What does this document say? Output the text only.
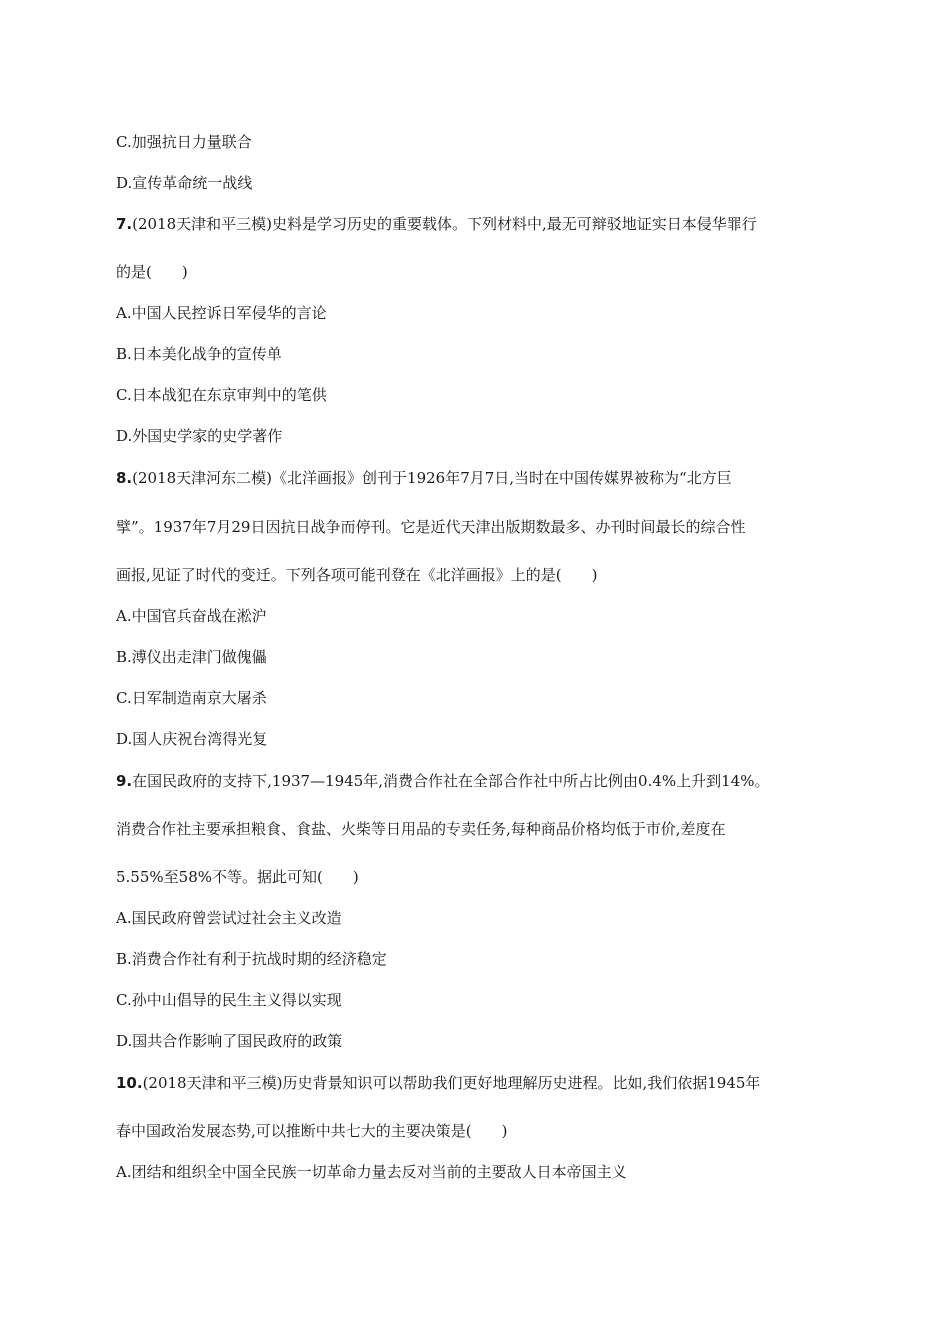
C.加强抗日力量联合
D.宣传革命统一战线
7.(2018天津和平三模)史料是学习历史的重要载体。下列材料中,最无可辩驳地证实日本侵华罪行
的是(　　)
A.中国人民控诉日军侵华的言论
B.日本美化战争的宣传单
C.日本战犯在东京审判中的笔供
D.外国史学家的史学著作
8.(2018天津河东二模)《北洋画报》创刊于1926年7月7日,当时在中国传媒界被称为“北方巨
擘”。1937年7月29日因抗日战争而停刊。它是近代天津出版期数最多、办刊时间最长的综合性
画报,见证了时代的变迁。下列各项可能刊登在《北洋画报》上的是(　　)
A.中国官兵奋战在淞沪
B.溥仪出走津门做傀儡
C.日军制造南京大屠杀
D.国人庆祝台湾得光复
9.在国民政府的支持下,1937—1945年,消费合作社在全部合作社中所占比例由0.4%上升到14%。
消费合作社主要承担粮食、食盐、火柴等日用品的专卖任务,每种商品价格均低于市价,差度在
5.55%至58%不等。据此可知(　　)
A.国民政府曾尝试过社会主义改造
B.消费合作社有利于抗战时期的经济稳定
C.孙中山倡导的民生主义得以实现
D.国共合作影响了国民政府的政策
10.(2018天津和平三模)历史背景知识可以帮助我们更好地理解历史进程。比如,我们依据1945年
春中国政治发展态势,可以推断中共七大的主要决策是(　　)
A.团结和组织全中国全民族一切革命力量去反对当前的主要敌人日本帝国主义
